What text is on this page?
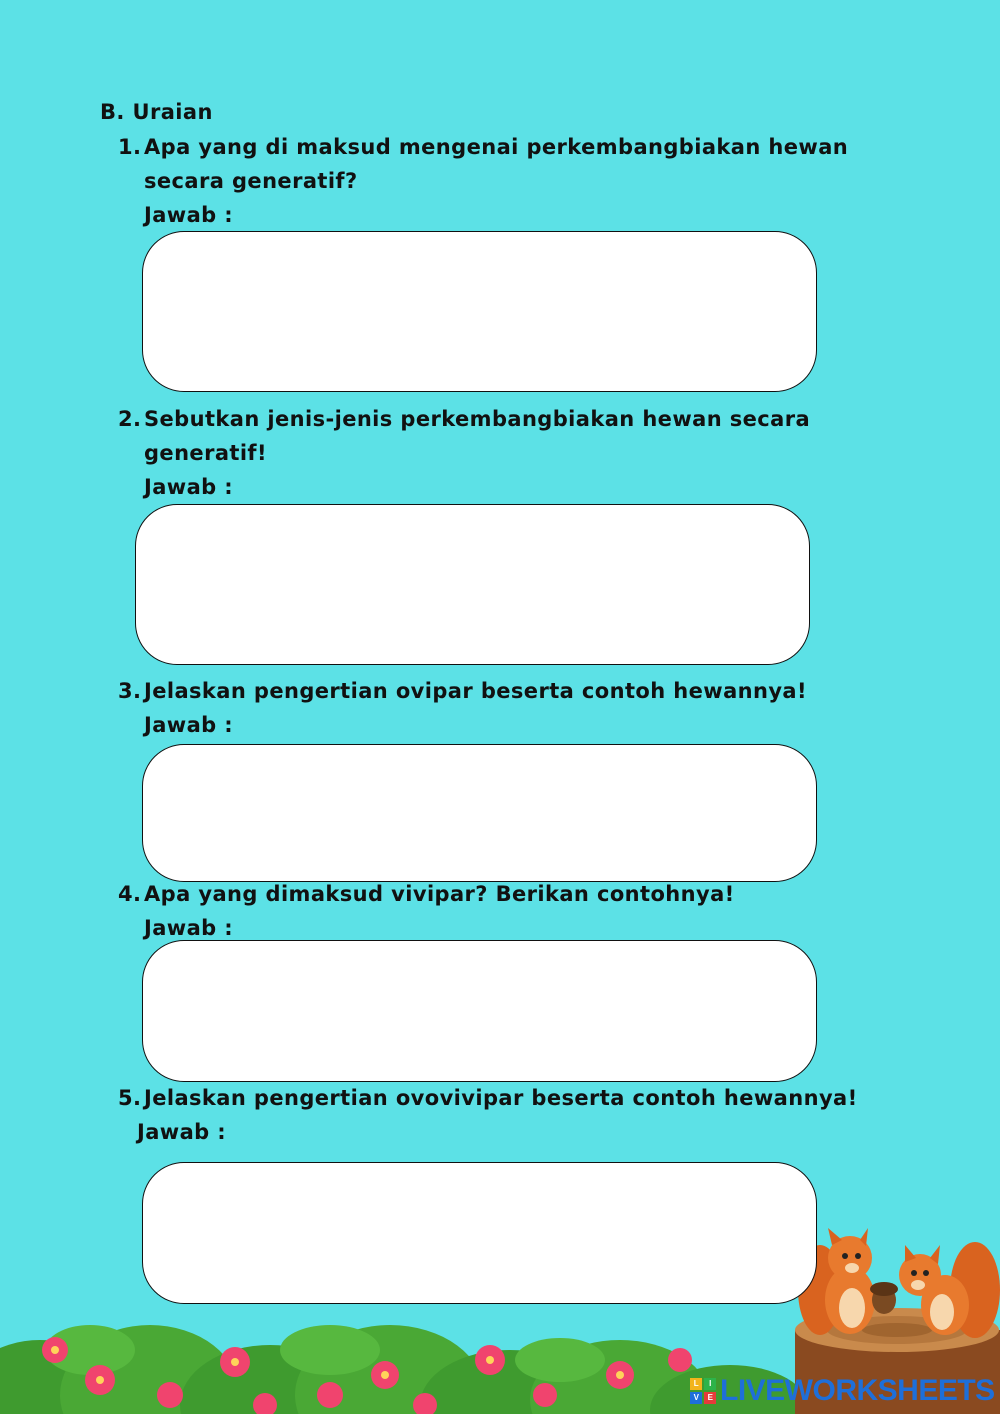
B. Uraian
1. Apa yang di maksud mengenai perkembangbiakan hewan
secara generatif?
Jawab :
2. Sebutkan jenis-jenis perkembangbiakan hewan secara
generatif!
Jawab :
3. Jelaskan pengertian ovipar beserta contoh hewannya!
Jawab :
4. Apa yang dimaksud vivipar? Berikan contohnya!
Jawab :
5. Jelaskan pengertian ovovivipar beserta contoh hewannya!
Jawab :
L	I
V	E LIVEWORKSHEETS
